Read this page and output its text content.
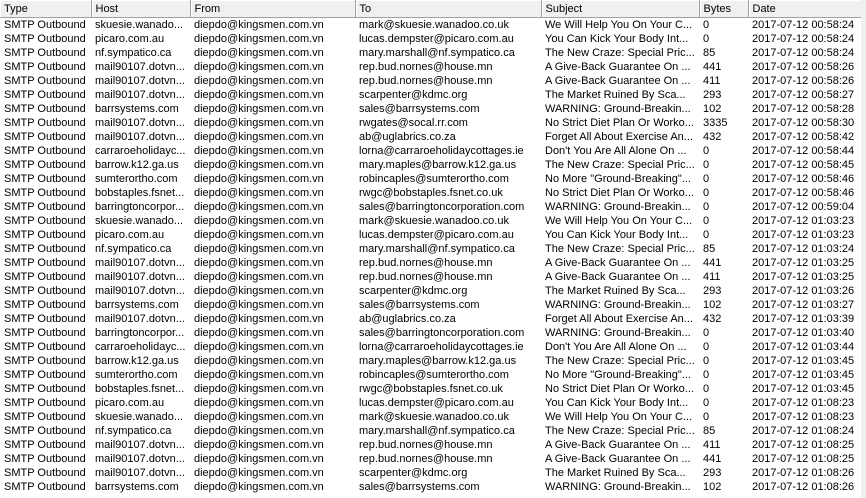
Type	Host	From	To	Subject	Bytes	Date
SMTP Outbound	skuesie.wanado...	diepdo@kingsmen.com.vn	mark@skuesie.wanadoo.co.uk	We Will Help You On Your C...	0	2017-07-12 00:58:24
SMTP Outbound	picaro.com.au	diepdo@kingsmen.com.vn	lucas.dempster@picaro.com.au	You Can Kick Your Body Int...	0	2017-07-12 00:58:24
SMTP Outbound	nf.sympatico.ca	diepdo@kingsmen.com.vn	mary.marshall@nf.sympatico.ca	The New Craze: Special Pric...	85	2017-07-12 00:58:24
SMTP Outbound	mail90107.dotvn...	diepdo@kingsmen.com.vn	rep.bud.nornes@house.mn	A Give-Back Guarantee On ...	441	2017-07-12 00:58:26
SMTP Outbound	mail90107.dotvn...	diepdo@kingsmen.com.vn	rep.bud.nornes@house.mn	A Give-Back Guarantee On ...	411	2017-07-12 00:58:26
SMTP Outbound	mail90107.dotvn...	diepdo@kingsmen.com.vn	scarpenter@kdmc.org	The Market Ruined By Sca...	293	2017-07-12 00:58:27
SMTP Outbound	barrsystems.com	diepdo@kingsmen.com.vn	sales@barrsystems.com	WARNING: Ground-Breakin...	102	2017-07-12 00:58:28
SMTP Outbound	mail90107.dotvn...	diepdo@kingsmen.com.vn	rwgates@socal.rr.com	No Strict Diet Plan Or Worko...	3335	2017-07-12 00:58:30
SMTP Outbound	mail90107.dotvn...	diepdo@kingsmen.com.vn	ab@uglabrics.co.za	Forget All About Exercise An...	432	2017-07-12 00:58:42
SMTP Outbound	carraroeholidayc...	diepdo@kingsmen.com.vn	lorna@carraroeholidaycottages.ie	Don't You Are All Alone On ...	0	2017-07-12 00:58:44
SMTP Outbound	barrow.k12.ga.us	diepdo@kingsmen.com.vn	mary.maples@barrow.k12.ga.us	The New Craze: Special Pric...	0	2017-07-12 00:58:45
SMTP Outbound	sumterortho.com	diepdo@kingsmen.com.vn	robincaples@sumterortho.com	No More "Ground-Breaking"...	0	2017-07-12 00:58:46
SMTP Outbound	bobstaples.fsnet...	diepdo@kingsmen.com.vn	rwgc@bobstaples.fsnet.co.uk	No Strict Diet Plan Or Worko...	0	2017-07-12 00:58:46
SMTP Outbound	barringtoncorpor...	diepdo@kingsmen.com.vn	sales@barringtoncorporation.com	WARNING: Ground-Breakin...	0	2017-07-12 00:59:04
SMTP Outbound	skuesie.wanado...	diepdo@kingsmen.com.vn	mark@skuesie.wanadoo.co.uk	We Will Help You On Your C...	0	2017-07-12 01:03:23
SMTP Outbound	picaro.com.au	diepdo@kingsmen.com.vn	lucas.dempster@picaro.com.au	You Can Kick Your Body Int...	0	2017-07-12 01:03:23
SMTP Outbound	nf.sympatico.ca	diepdo@kingsmen.com.vn	mary.marshall@nf.sympatico.ca	The New Craze: Special Pric...	85	2017-07-12 01:03:24
SMTP Outbound	mail90107.dotvn...	diepdo@kingsmen.com.vn	rep.bud.nornes@house.mn	A Give-Back Guarantee On ...	441	2017-07-12 01:03:25
SMTP Outbound	mail90107.dotvn...	diepdo@kingsmen.com.vn	rep.bud.nornes@house.mn	A Give-Back Guarantee On ...	411	2017-07-12 01:03:25
SMTP Outbound	mail90107.dotvn...	diepdo@kingsmen.com.vn	scarpenter@kdmc.org	The Market Ruined By Sca...	293	2017-07-12 01:03:26
SMTP Outbound	barrsystems.com	diepdo@kingsmen.com.vn	sales@barrsystems.com	WARNING: Ground-Breakin...	102	2017-07-12 01:03:27
SMTP Outbound	mail90107.dotvn...	diepdo@kingsmen.com.vn	ab@uglabrics.co.za	Forget All About Exercise An...	432	2017-07-12 01:03:39
SMTP Outbound	barringtoncorpor...	diepdo@kingsmen.com.vn	sales@barringtoncorporation.com	WARNING: Ground-Breakin...	0	2017-07-12 01:03:40
SMTP Outbound	carraroeholidayc...	diepdo@kingsmen.com.vn	lorna@carraroeholidaycottages.ie	Don't You Are All Alone On ...	0	2017-07-12 01:03:44
SMTP Outbound	barrow.k12.ga.us	diepdo@kingsmen.com.vn	mary.maples@barrow.k12.ga.us	The New Craze: Special Pric...	0	2017-07-12 01:03:45
SMTP Outbound	sumterortho.com	diepdo@kingsmen.com.vn	robincaples@sumterortho.com	No More "Ground-Breaking"...	0	2017-07-12 01:03:45
SMTP Outbound	bobstaples.fsnet...	diepdo@kingsmen.com.vn	rwgc@bobstaples.fsnet.co.uk	No Strict Diet Plan Or Worko...	0	2017-07-12 01:03:45
SMTP Outbound	picaro.com.au	diepdo@kingsmen.com.vn	lucas.dempster@picaro.com.au	You Can Kick Your Body Int...	0	2017-07-12 01:08:23
SMTP Outbound	skuesie.wanado...	diepdo@kingsmen.com.vn	mark@skuesie.wanadoo.co.uk	We Will Help You On Your C...	0	2017-07-12 01:08:23
SMTP Outbound	nf.sympatico.ca	diepdo@kingsmen.com.vn	mary.marshall@nf.sympatico.ca	The New Craze: Special Pric...	85	2017-07-12 01:08:24
SMTP Outbound	mail90107.dotvn...	diepdo@kingsmen.com.vn	rep.bud.nornes@house.mn	A Give-Back Guarantee On ...	411	2017-07-12 01:08:25
SMTP Outbound	mail90107.dotvn...	diepdo@kingsmen.com.vn	rep.bud.nornes@house.mn	A Give-Back Guarantee On ...	441	2017-07-12 01:08:25
SMTP Outbound	mail90107.dotvn...	diepdo@kingsmen.com.vn	scarpenter@kdmc.org	The Market Ruined By Sca...	293	2017-07-12 01:08:26
SMTP Outbound	barrsystems.com	diepdo@kingsmen.com.vn	sales@barrsystems.com	WARNING: Ground-Breakin...	102	2017-07-12 01:08:26
